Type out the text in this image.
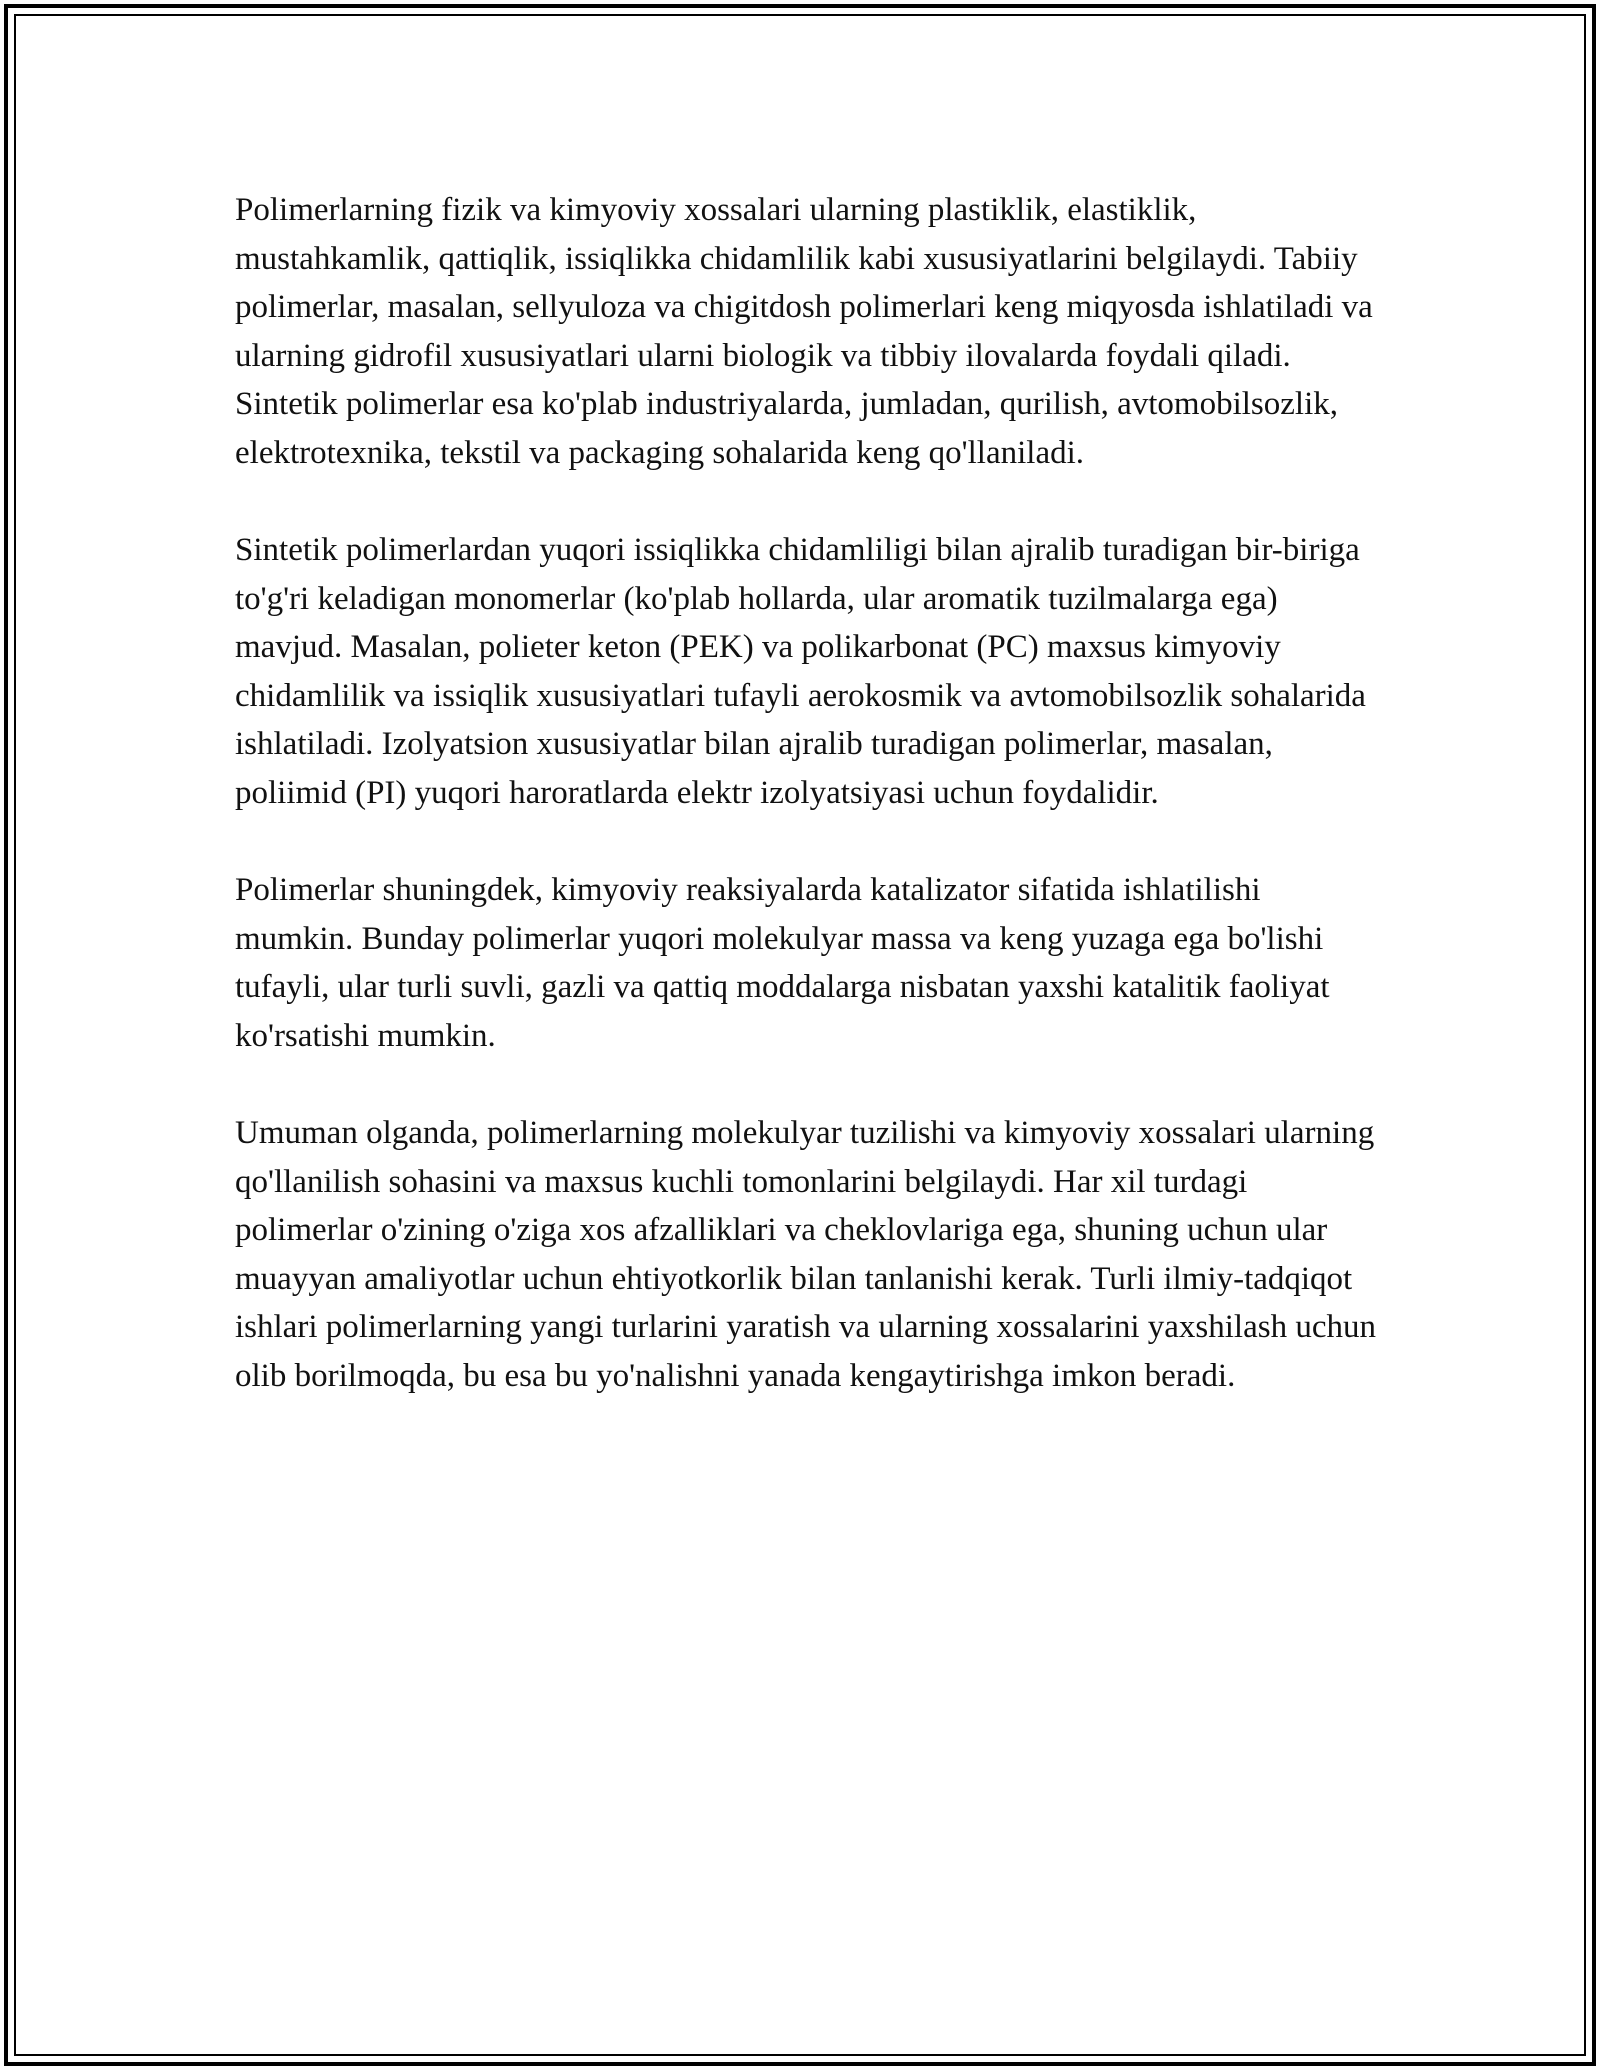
Polimerlarning fizik va kimyoviy xossalari ularning plastiklik, elastiklik, mustahkamlik, qattiqlik, issiqlikka chidamlilik kabi xususiyatlarini belgilaydi. Tabiiy polimerlar, masalan, sellyuloza va chigitdosh polimerlari keng miqyosda ishlatiladi va ularning gidrofil xususiyatlari ularni biologik va tibbiy ilovalarda foydali qiladi. Sintetik polimerlar esa ko'plab industriyalarda, jumladan, qurilish, avtomobilsozlik, elektrotexnika, tekstil va packaging sohalarida keng qo'llaniladi.

Sintetik polimerlardan yuqori issiqlikka chidamliligi bilan ajralib turadigan bir-biriga to'g'ri keladigan monomerlar (ko'plab hollarda, ular aromatik tuzilmalarga ega) mavjud. Masalan, polieter keton (PEK) va polikarbonat (PC) maxsus kimyoviy chidamlilik va issiqlik xususiyatlari tufayli aerokosmik va avtomobilsozlik sohalarida ishlatiladi. Izolyatsion xususiyatlar bilan ajralib turadigan polimerlar, masalan, poliimid (PI) yuqori haroratlarda elektr izolyatsiyasi uchun foydalidir.

Polimerlar shuningdek, kimyoviy reaksiyalarda katalizator sifatida ishlatilishi mumkin. Bunday polimerlar yuqori molekulyar massa va keng yuzaga ega bo'lishi tufayli, ular turli suvli, gazli va qattiq moddalarga nisbatan yaxshi katalitik faoliyat ko'rsatishi mumkin.

Umuman olganda, polimerlarning molekulyar tuzilishi va kimyoviy xossalari ularning qo'llanilish sohasini va maxsus kuchli tomonlarini belgilaydi. Har xil turdagi polimerlar o'zining o'ziga xos afzalliklari va cheklovlariga ega, shuning uchun ular muayyan amaliyotlar uchun ehtiyotkorlik bilan tanlanishi kerak. Turli ilmiy-tadqiqot ishlari polimerlarning yangi turlarini yaratish va ularning xossalarini yaxshilash uchun olib borilmoqda, bu esa bu yo'nalishni yanada kengaytirishga imkon beradi.
